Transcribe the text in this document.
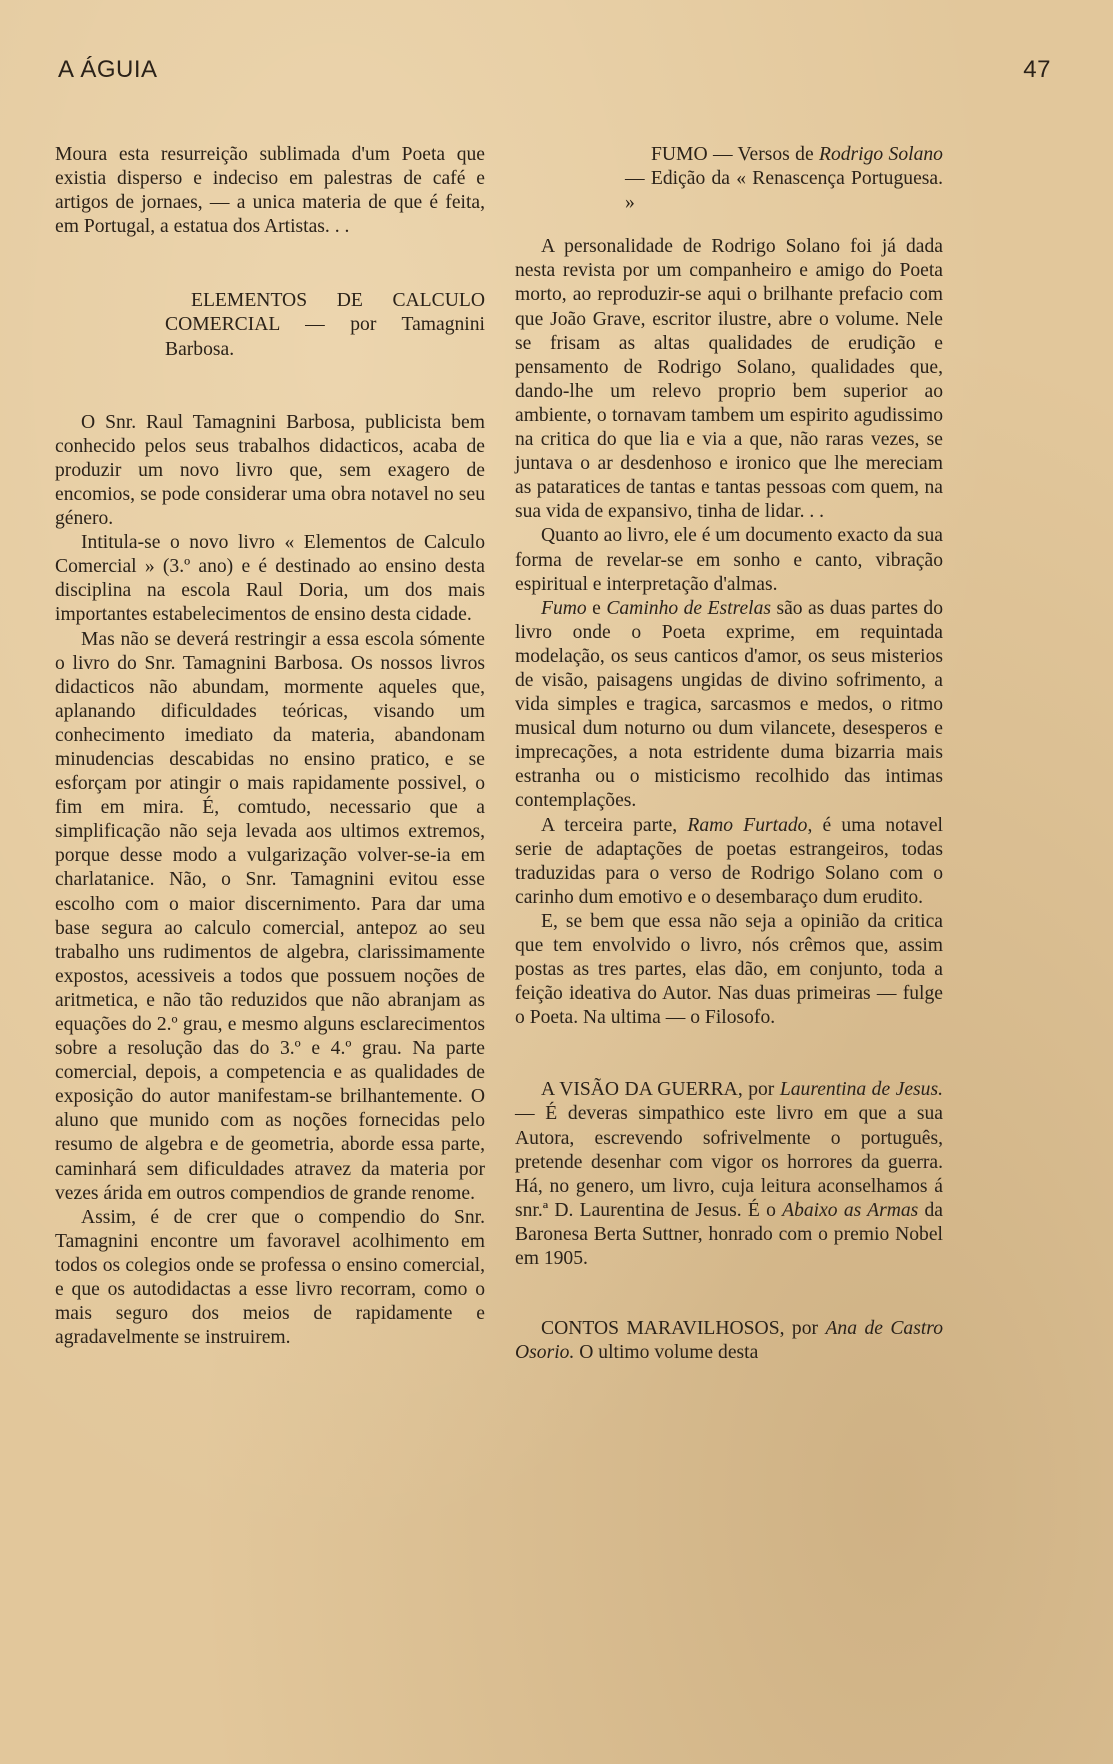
A ÁGUIA	47

Moura esta resurreição sublimada d'um Poeta que existia disperso e indeciso em palestras de café e artigos de jornaes, — a unica materia de que é feita, em Portugal, a estatua dos Artistas. . .

ELEMENTOS DE CALCULO COMERCIAL — por Tamagnini Barbosa.

O Snr. Raul Tamagnini Barbosa, publicista bem conhecido pelos seus trabalhos didacticos, acaba de produzir um novo livro que, sem exagero de encomios, se pode considerar uma obra notavel no seu género.

Intitula-se o novo livro « Elementos de Calculo Comercial » (3.º ano) e é destinado ao ensino desta disciplina na escola Raul Doria, um dos mais importantes estabelecimentos de ensino desta cidade.

Mas não se deverá restringir a essa escola sómente o livro do Snr. Tamagnini Barbosa. Os nossos livros didacticos não abundam, mormente aqueles que, aplanando dificuldades teóricas, visando um conhecimento imediato da materia, abandonam minudencias descabidas no ensino pratico, e se esforçam por atingir o mais rapidamente possivel, o fim em mira. É, comtudo, necessario que a simplificação não seja levada aos ultimos extremos, porque desse modo a vulgarização volver-se-ia em charlatanice. Não, o Snr. Tamagnini evitou esse escolho com o maior discernimento. Para dar uma base segura ao calculo comercial, antepoz ao seu trabalho uns rudimentos de algebra, clarissimamente expostos, acessiveis a todos que possuem noções de aritmetica, e não tão reduzidos que não abranjam as equações do 2.º grau, e mesmo alguns esclarecimentos sobre a resolução das do 3.º e 4.º grau. Na parte comercial, depois, a competencia e as qualidades de exposição do autor manifestam-se brilhantemente. O aluno que munido com as noções fornecidas pelo resumo de algebra e de geometria, aborde essa parte, caminhará sem dificuldades atravez da materia por vezes árida em outros compendios de grande renome.

Assim, é de crer que o compendio do Snr. Tamagnini encontre um favoravel acolhimento em todos os colegios onde se professa o ensino comercial, e que os autodidactas a esse livro recorram, como o mais seguro dos meios de rapidamente e agradavelmente se instruirem.

FUMO — Versos de Rodrigo Solano — Edição da « Renascença Portuguesa. »

A personalidade de Rodrigo Solano foi já dada nesta revista por um companheiro e amigo do Poeta morto, ao reproduzir-se aqui o brilhante prefacio com que João Grave, escritor ilustre, abre o volume. Nele se frisam as altas qualidades de erudição e pensamento de Rodrigo Solano, qualidades que, dando-lhe um relevo proprio bem superior ao ambiente, o tornavam tambem um espirito agudissimo na critica do que lia e via a que, não raras vezes, se juntava o ar desdenhoso e ironico que lhe mereciam as pataratices de tantas e tantas pessoas com quem, na sua vida de expansivo, tinha de lidar. . .

Quanto ao livro, ele é um documento exacto da sua forma de revelar-se em sonho e canto, vibração espiritual e interpretação d'almas.

Fumo e Caminho de Estrelas são as duas partes do livro onde o Poeta exprime, em requintada modelação, os seus canticos d'amor, os seus misterios de visão, paisagens ungidas de divino sofrimento, a vida simples e tragica, sarcasmos e medos, o ritmo musical dum noturno ou dum vilancete, desesperos e imprecações, a nota estridente duma bizarria mais estranha ou o misticismo recolhido das intimas contemplações.

A terceira parte, Ramo Furtado, é uma notavel serie de adaptações de poetas estrangeiros, todas traduzidas para o verso de Rodrigo Solano com o carinho dum emotivo e o desembaraço dum erudito.

E, se bem que essa não seja a opinião da critica que tem envolvido o livro, nós crêmos que, assim postas as tres partes, elas dão, em conjunto, toda a feição ideativa do Autor. Nas duas primeiras — fulge o Poeta. Na ultima — o Filosofo.

A VISÃO DA GUERRA, por Laurentina de Jesus. — É deveras simpathico este livro em que a sua Autora, escrevendo sofrivelmente o português, pretende desenhar com vigor os horrores da guerra. Há, no genero, um livro, cuja leitura aconselhamos á snr.ª D. Laurentina de Jesus. É o Abaixo as Armas da Baronesa Berta Suttner, honrado com o premio Nobel em 1905.

CONTOS MARAVILHOSOS, por Ana de Castro Osorio. O ultimo volume desta
